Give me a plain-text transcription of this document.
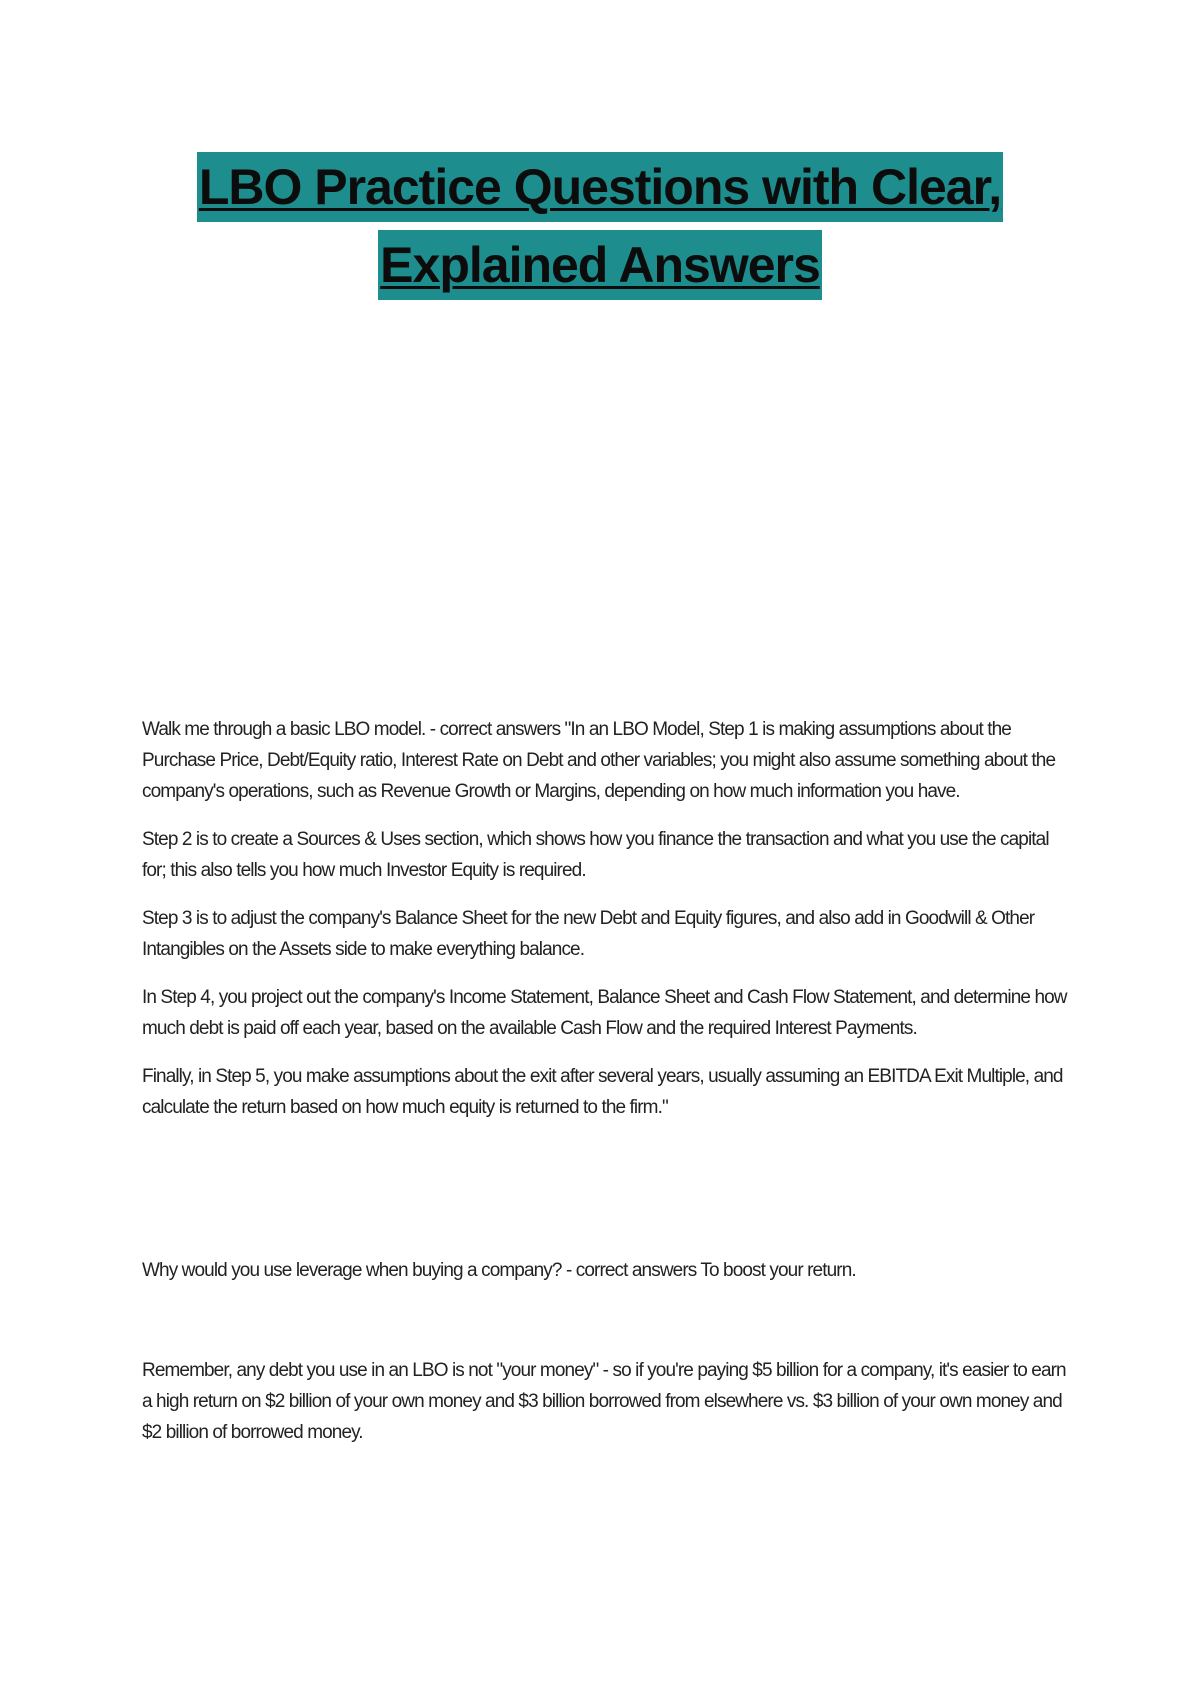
LBO Practice Questions with Clear,
Explained Answers

Walk me through a basic LBO model. - correct answers "In an LBO Model, Step 1 is making assumptions about the Purchase Price, Debt/Equity ratio, Interest Rate on Debt and other variables; you might also assume something about the company's operations, such as Revenue Growth or Margins, depending on how much information you have.

Step 2 is to create a Sources & Uses section, which shows how you finance the transaction and what you use the capital for; this also tells you how much Investor Equity is required.

Step 3 is to adjust the company's Balance Sheet for the new Debt and Equity figures, and also add in Goodwill & Other Intangibles on the Assets side to make everything balance.

In Step 4, you project out the company's Income Statement, Balance Sheet and Cash Flow Statement, and determine how much debt is paid off each year, based on the available Cash Flow and the required Interest Payments.

Finally, in Step 5, you make assumptions about the exit after several years, usually assuming an EBITDA Exit Multiple, and calculate the return based on how much equity is returned to the firm."

Why would you use leverage when buying a company? - correct answers To boost your return.

Remember, any debt you use in an LBO is not "your money" - so if you're paying $5 billion for a company, it's easier to earn a high return on $2 billion of your own money and $3 billion borrowed from elsewhere vs. $3 billion of your own money and $2 billion of borrowed money.
